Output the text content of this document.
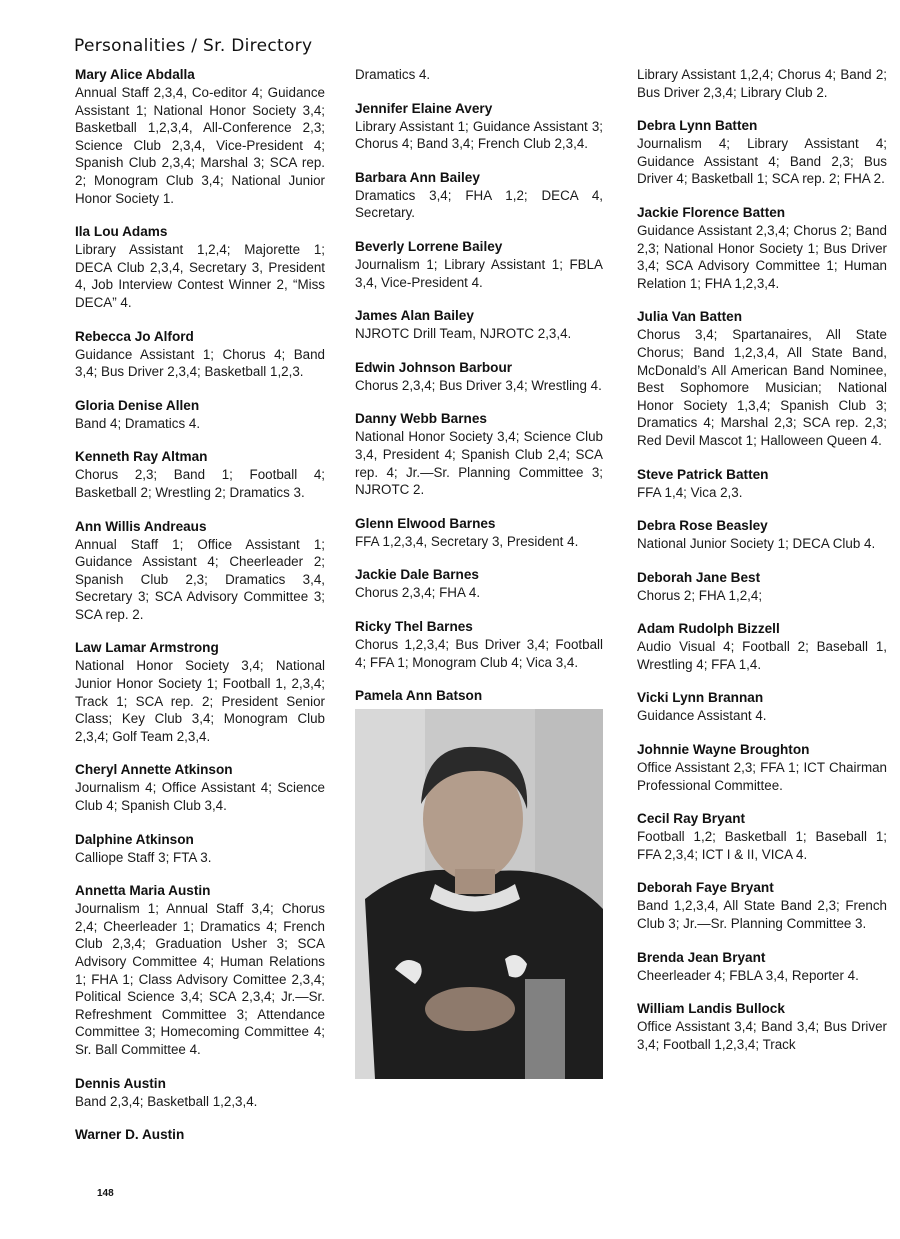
Personalities / Sr. Directory
Mary Alice Abdalla
Annual Staff 2,3,4, Co-editor 4; Guidance Assistant 1; National Honor Society 3,4; Basketball 1,2,3,4, All-Conference 2,3; Science Club 2,3,4, Vice-President 4; Spanish Club 2,3,4; Marshal 3; SCA rep. 2; Monogram Club 3,4; National Junior Honor Society 1.
Ila Lou Adams
Library Assistant 1,2,4; Majorette 1; DECA Club 2,3,4, Secretary 3, President 4, Job Interview Contest Winner 2, “Miss DECA” 4.
Rebecca Jo Alford
Guidance Assistant 1; Chorus 4; Band 3,4; Bus Driver 2,3,4; Basketball 1,2,3.
Gloria Denise Allen
Band 4; Dramatics 4.
Kenneth Ray Altman
Chorus 2,3; Band 1; Football 4; Basketball 2; Wrestling 2; Dramatics 3.
Ann Willis Andreaus
Annual Staff 1; Office Assistant 1; Guidance Assistant 4; Cheerleader 2; Spanish Club 2,3; Dramatics 3,4, Secretary 3; SCA Advisory Committee 3; SCA rep. 2.
Law Lamar Armstrong
National Honor Society 3,4; National Junior Honor Society 1; Football 1, 2,3,4; Track 1; SCA rep. 2; President Senior Class; Key Club 3,4; Monogram Club 2,3,4; Golf Team 2,3,4.
Cheryl Annette Atkinson
Journalism 4; Office Assistant 4; Science Club 4; Spanish Club 3,4.
Dalphine Atkinson
Calliope Staff 3; FTA 3.
Annetta Maria Austin
Journalism 1; Annual Staff 3,4; Chorus 2,4; Cheerleader 1; Dramatics 4; French Club 2,3,4; Graduation Usher 3; SCA Advisory Committee 4; Human Relations 1; FHA 1; Class Advisory Comittee 2,3,4; Political Science 3,4; SCA 2,3,4; Jr.—Sr. Refreshment Committee 3; Attendance Committee 3; Homecoming Committee 4; Sr. Ball Committee 4.
Dennis Austin
Band 2,3,4; Basketball 1,2,3,4.
Warner D. Austin
Dramatics 4.
Jennifer Elaine Avery
Library Assistant 1; Guidance Assistant 3; Chorus 4; Band 3,4; French Club 2,3,4.
Barbara Ann Bailey
Dramatics 3,4; FHA 1,2; DECA 4, Secretary.
Beverly Lorrene Bailey
Journalism 1; Library Assistant 1; FBLA 3,4, Vice-President 4.
James Alan Bailey
NJROTC Drill Team, NJROTC 2,3,4.
Edwin Johnson Barbour
Chorus 2,3,4; Bus Driver 3,4; Wrestling 4.
Danny Webb Barnes
National Honor Society 3,4; Science Club 3,4, President 4; Spanish Club 2,4; SCA rep. 4; Jr.—Sr. Planning Committee 3; NJROTC 2.
Glenn Elwood Barnes
FFA 1,2,3,4, Secretary 3, President 4.
Jackie Dale Barnes
Chorus 2,3,4; FHA 4.
Ricky Thel Barnes
Chorus 1,2,3,4; Bus Driver 3,4; Football 4; FFA 1; Monogram Club 4; Vica 3,4.
Pamela Ann Batson
Library Assistant 1,2,4; Chorus 4; Band 2; Bus Driver 2,3,4; Library Club 2.
Debra Lynn Batten
Journalism 4; Library Assistant 4; Guidance Assistant 4; Band 2,3; Bus Driver 4; Basketball 1; SCA rep. 2; FHA 2.
Jackie Florence Batten
Guidance Assistant 2,3,4; Chorus 2; Band 2,3; National Honor Society 1; Bus Driver 3,4; SCA Advisory Committee 1; Human Relation 1; FHA 1,2,3,4.
Julia Van Batten
Chorus 3,4; Spartanaires, All State Chorus; Band 1,2,3,4, All State Band, McDonald’s All American Band Nominee, Best Sophomore Musician; National Honor Society 1,3,4; Spanish Club 3; Dramatics 4; Marshal 2,3; SCA rep. 2,3; Red Devil Mascot 1; Halloween Queen 4.
Steve Patrick Batten
FFA 1,4; Vica 2,3.
Debra Rose Beasley
National Junior Society 1; DECA Club 4.
Deborah Jane Best
Chorus 2; FHA 1,2,4;
Adam Rudolph Bizzell
Audio Visual 4; Football 2; Baseball 1, Wrestling 4; FFA 1,4.
Vicki Lynn Brannan
Guidance Assistant 4.
Johnnie Wayne Broughton
Office Assistant 2,3; FFA 1; ICT Chairman Professional Committee.
Cecil Ray Bryant
Football 1,2; Basketball 1; Baseball 1; FFA 2,3,4; ICT I & II, VICA 4.
Deborah Faye Bryant
Band 1,2,3,4, All State Band 2,3; French Club 3; Jr.—Sr. Planning Committee 3.
Brenda Jean Bryant
Cheerleader 4; FBLA 3,4, Reporter 4.
William Landis Bullock
Office Assistant 3,4; Band 3,4; Bus Driver 3,4; Football 1,2,3,4; Track
148
